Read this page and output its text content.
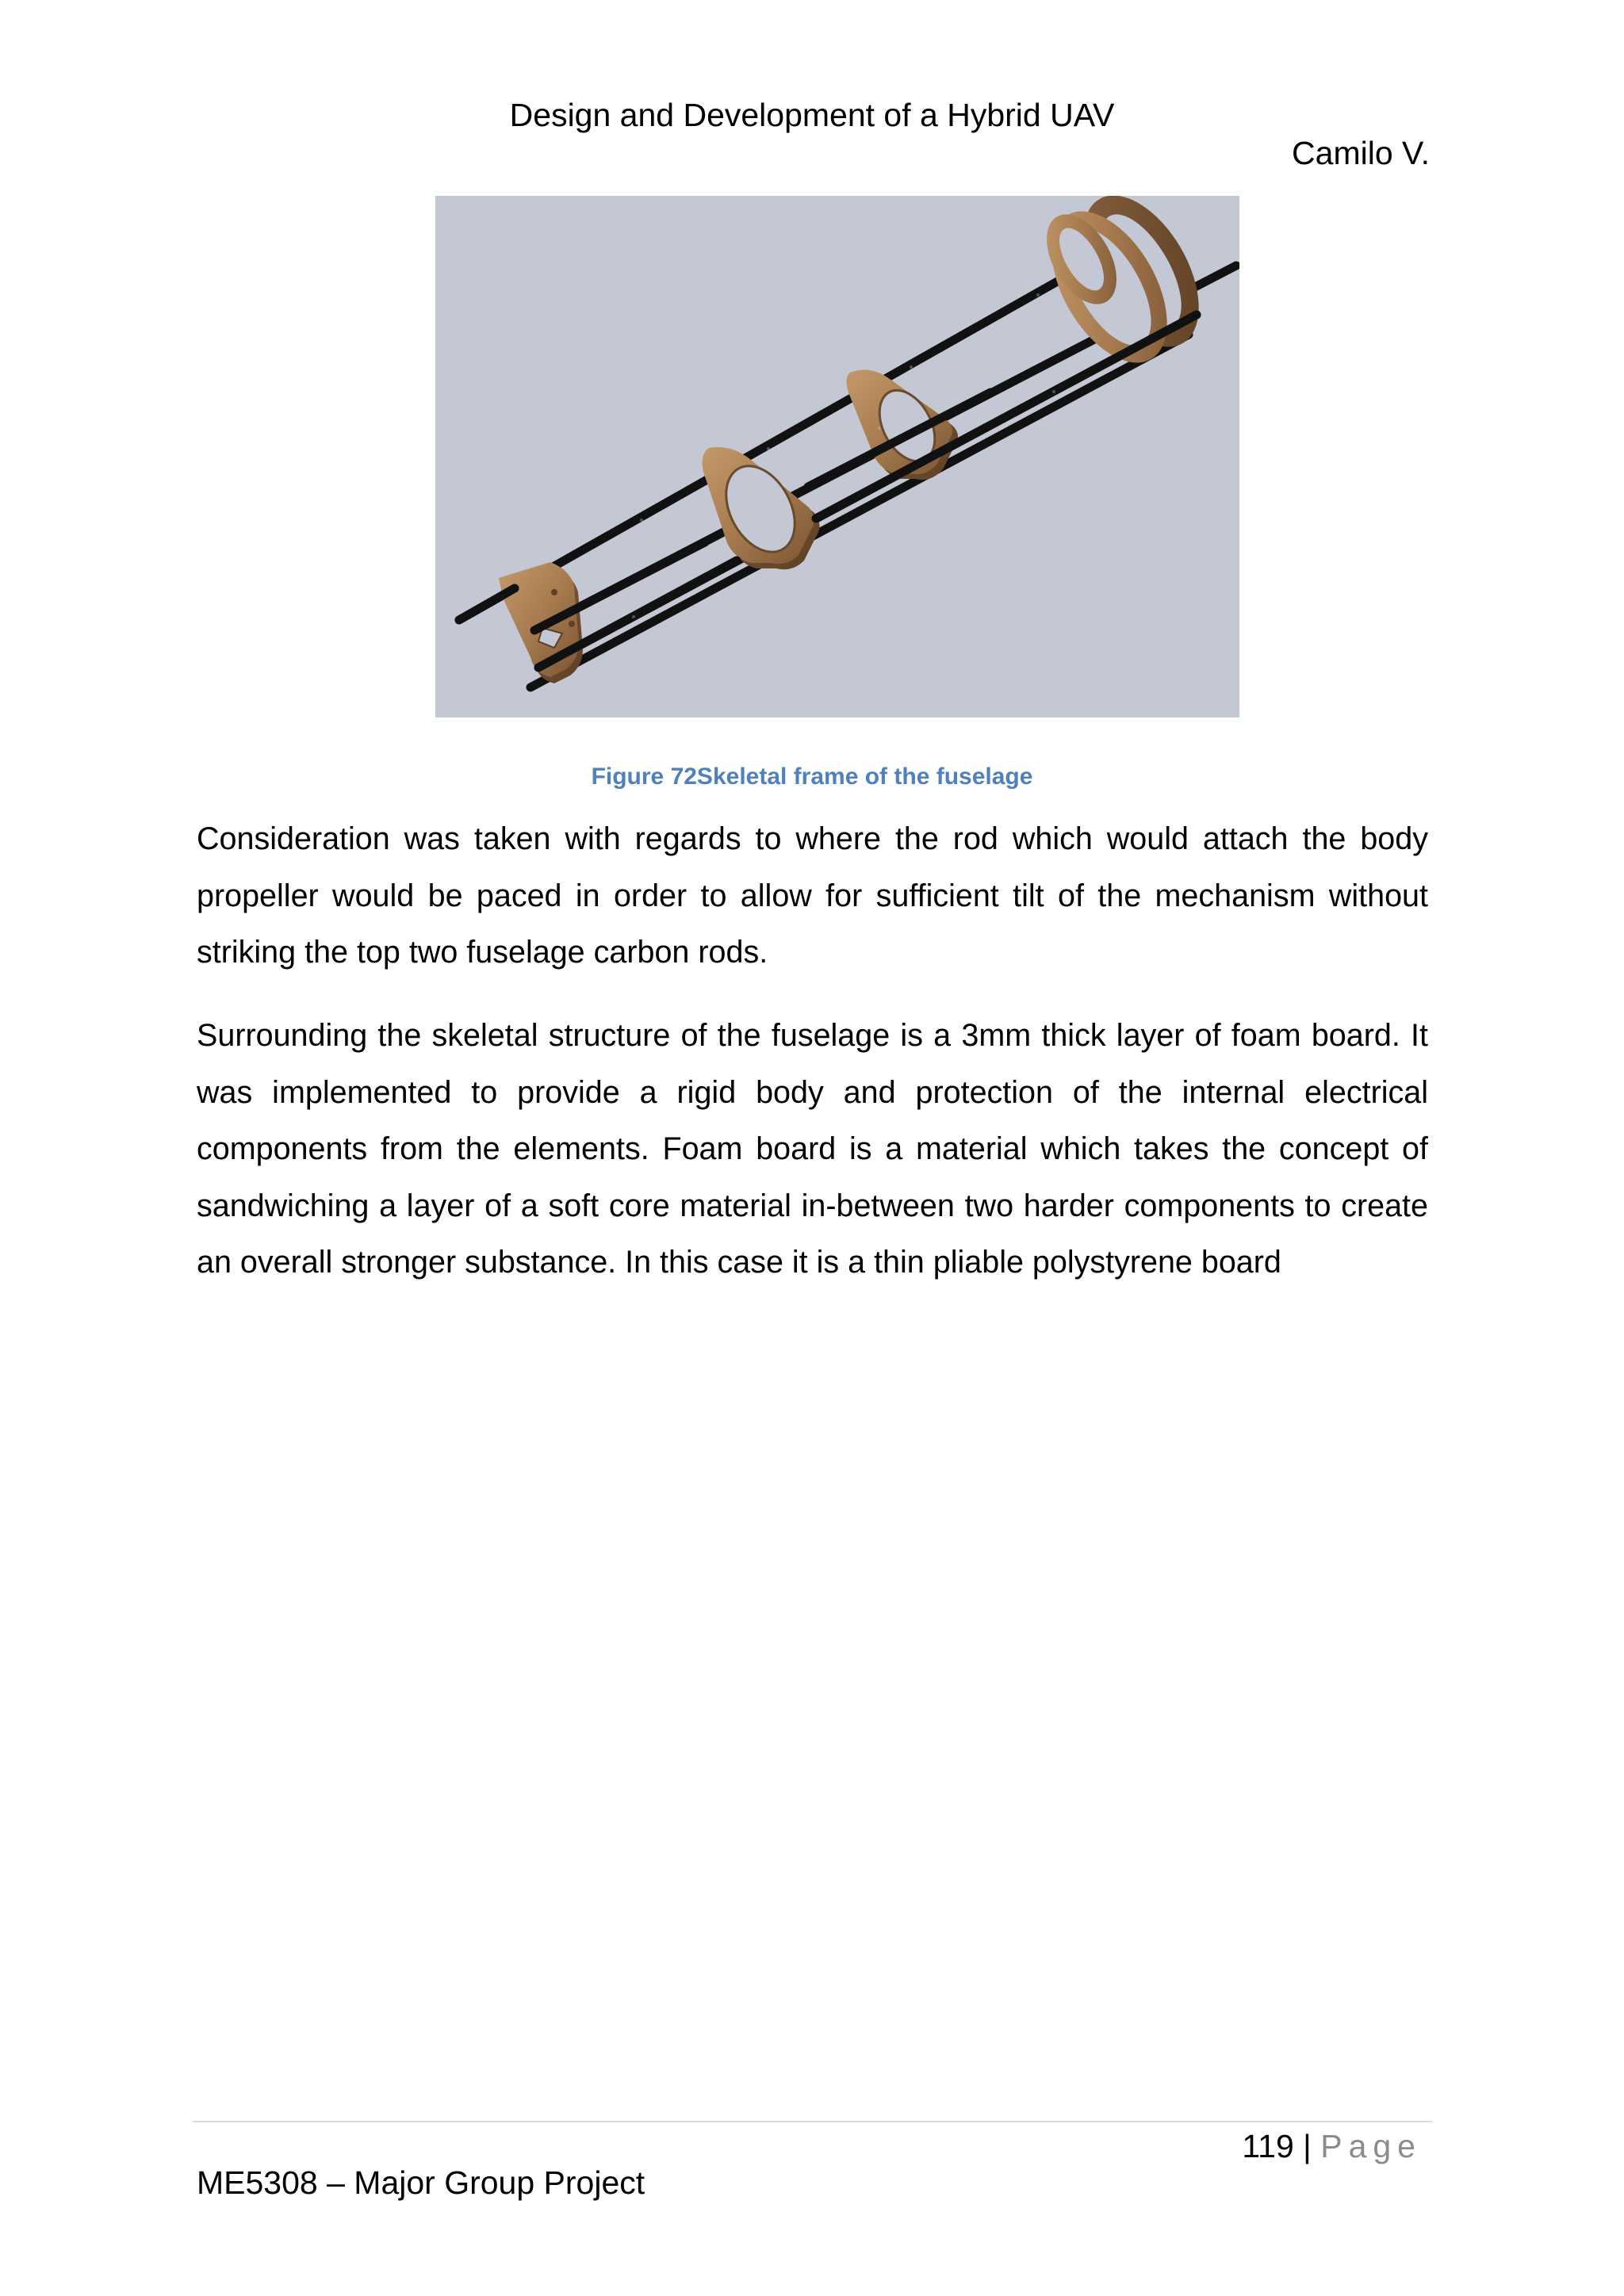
Design and Development of a Hybrid UAV
Camilo V.
Figure 72Skeletal frame of the fuselage

Consideration was taken with regards to where the rod which would attach the body propeller would be paced in order to allow for sufficient tilt of the mechanism without striking the top two fuselage carbon rods.

Surrounding the skeletal structure of the fuselage is a 3mm thick layer of foam board. It was implemented to provide a rigid body and protection of the internal electrical components from the elements. Foam board is a material which takes the concept of sandwiching a layer of a soft core material in-between two harder components to create an overall stronger substance. In this case it is a thin pliable polystyrene board

119 | Page
ME5308 – Major Group Project
